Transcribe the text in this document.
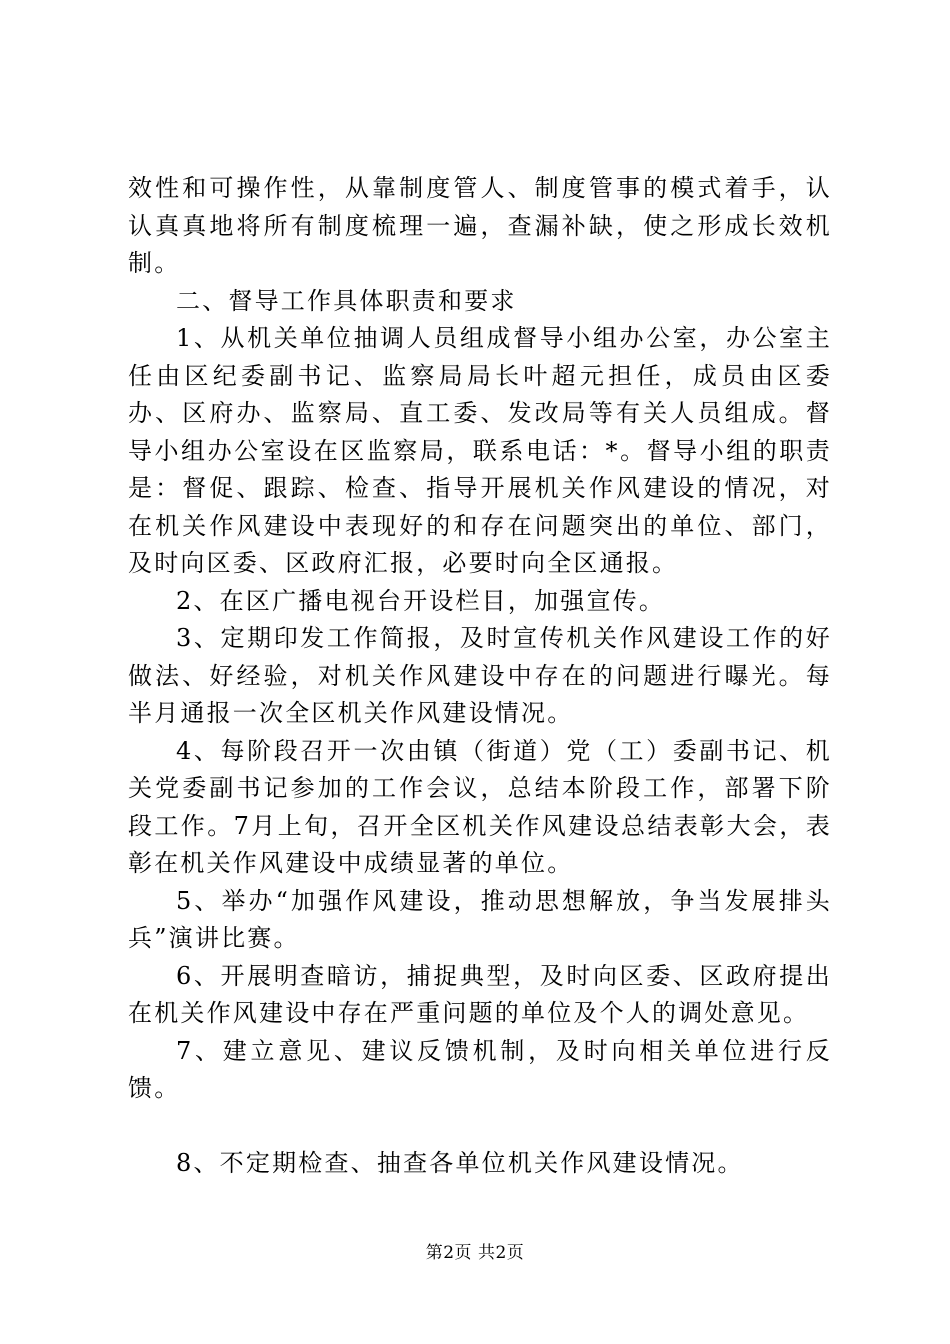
效性和可操作性，从靠制度管人、制度管事的模式着手，认认真真地将所有制度梳理一遍，查漏补缺，使之形成长效机制。

二、督导工作具体职责和要求

1、从机关单位抽调人员组成督导小组办公室，办公室主任由区纪委副书记、监察局局长叶超元担任，成员由区委办、区府办、监察局、直工委、发改局等有关人员组成。督导小组办公室设在区监察局，联系电话：*。督导小组的职责是：督促、跟踪、检查、指导开展机关作风建设的情况，对在机关作风建设中表现好的和存在问题突出的单位、部门，及时向区委、区政府汇报，必要时向全区通报。

2、在区广播电视台开设栏目，加强宣传。

3、定期印发工作简报，及时宣传机关作风建设工作的好做法、好经验，对机关作风建设中存在的问题进行曝光。每半月通报一次全区机关作风建设情况。

4、每阶段召开一次由镇（街道）党（工）委副书记、机关党委副书记参加的工作会议，总结本阶段工作，部署下阶段工作。7月上旬，召开全区机关作风建设总结表彰大会，表彰在机关作风建设中成绩显著的单位。

5、举办“加强作风建设，推动思想解放，争当发展排头兵”演讲比赛。

6、开展明查暗访，捕捉典型，及时向区委、区政府提出在机关作风建设中存在严重问题的单位及个人的调处意见。

7、建立意见、建议反馈机制，及时向相关单位进行反馈。

8、不定期检查、抽查各单位机关作风建设情况。

第2页 共2页
